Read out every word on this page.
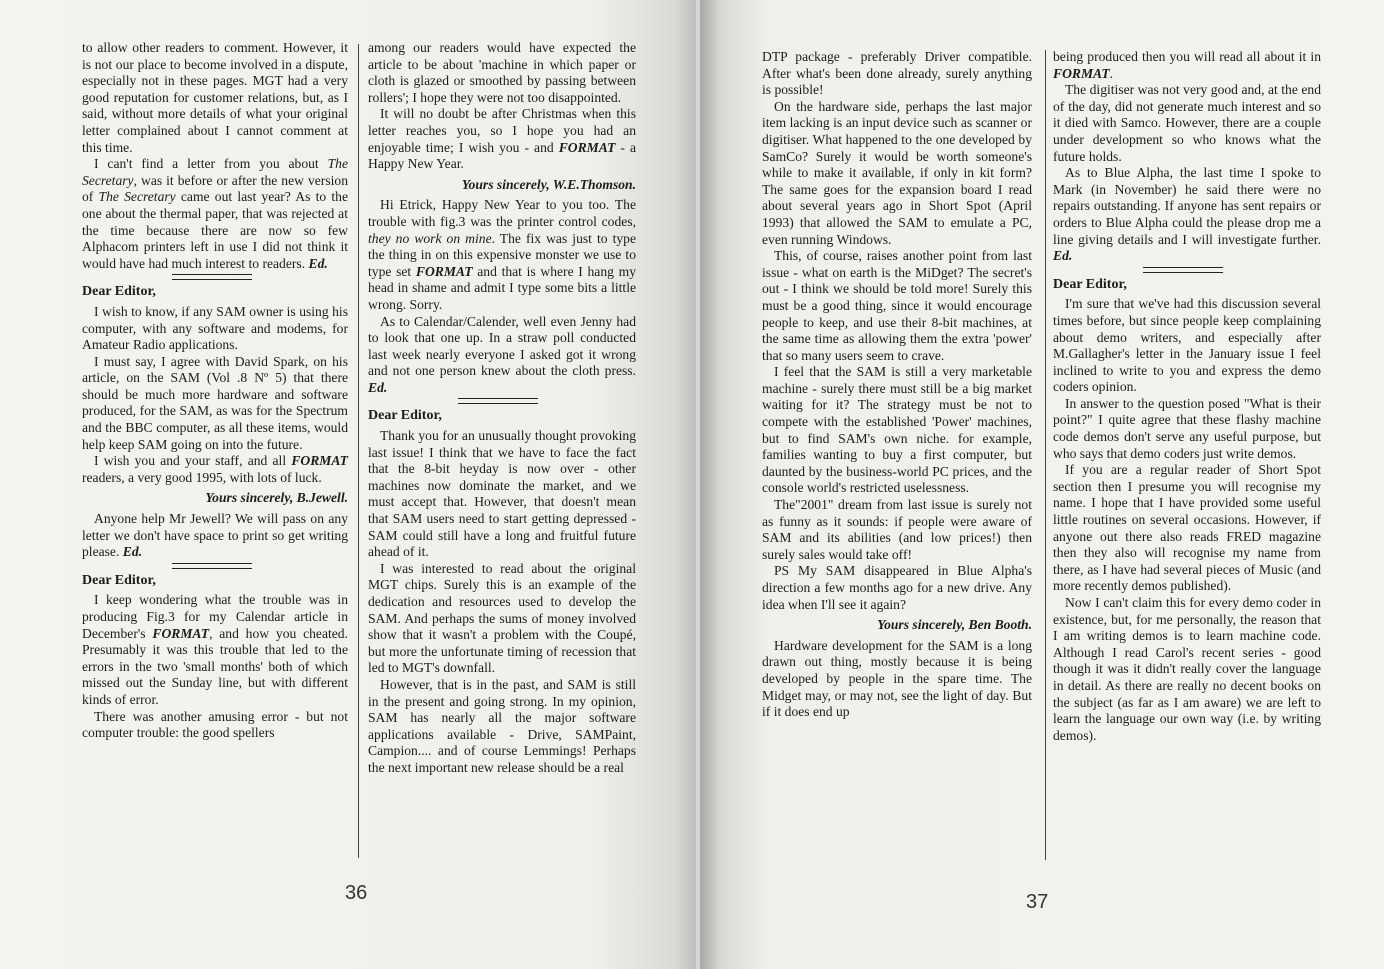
to allow other readers to comment. However, it is not our place to become involved in a dispute, especially not in these pages. MGT had a very good reputation for customer relations, but, as I said, without more details of what your original letter complained about I cannot comment at this time.

I can't find a letter from you about The Secretary, was it before or after the new version of The Secretary came out last year? As to the one about the thermal paper, that was rejected at the time because there are now so few Alphacom printers left in use I did not think it would have had much interest to readers. Ed.

Dear Editor,

I wish to know, if any SAM owner is using his computer, with any software and modems, for Amateur Radio applications.

I must say, I agree with David Spark, on his article, on the SAM (Vol .8 Nº 5) that there should be much more hardware and software produced, for the SAM, as was for the Spectrum and the BBC computer, as all these items, would help keep SAM going on into the future.

I wish you and your staff, and all FORMAT readers, a very good 1995, with lots of luck.

Yours sincerely, B.Jewell.

Anyone help Mr Jewell? We will pass on any letter we don't have space to print so get writing please. Ed.

Dear Editor,

I keep wondering what the trouble was in producing Fig.3 for my Calendar article in December's FORMAT, and how you cheated. Presumably it was this trouble that led to the errors in the two 'small months' both of which missed out the Sunday line, but with different kinds of error.

There was another amusing error - but not computer trouble: the good spellers

among our readers would have expected the article to be about 'machine in which paper or cloth is glazed or smoothed by passing between rollers'; I hope they were not too disappointed.

It will no doubt be after Christmas when this letter reaches you, so I hope you had an enjoyable time; I wish you - and FORMAT - a Happy New Year.

Yours sincerely, W.E.Thomson.

Hi Etrick, Happy New Year to you too. The trouble with fig.3 was the printer control codes, they no work on mine. The fix was just to type the thing in on this expensive monster we use to type set FORMAT and that is where I hang my head in shame and admit I type some bits a little wrong. Sorry.

As to Calendar/Calender, well even Jenny had to look that one up. In a straw poll conducted last week nearly everyone I asked got it wrong and not one person knew about the cloth press. Ed.

Dear Editor,

Thank you for an unusually thought provoking last issue! I think that we have to face the fact that the 8-bit heyday is now over - other machines now dominate the market, and we must accept that. However, that doesn't mean that SAM users need to start getting depressed - SAM could still have a long and fruitful future ahead of it.

I was interested to read about the original MGT chips. Surely this is an example of the dedication and resources used to develop the SAM. And perhaps the sums of money involved show that it wasn't a problem with the Coupé, but more the unfortunate timing of recession that led to MGT's downfall.

However, that is in the past, and SAM is still in the present and going strong. In my opinion, SAM has nearly all the major software applications available - Drive, SAMPaint, Campion.... and of course Lemmings! Perhaps the next important new release should be a real

36

DTP package - preferably Driver compatible. After what's been done already, surely anything is possible!

On the hardware side, perhaps the last major item lacking is an input device such as scanner or digitiser. What happened to the one developed by SamCo? Surely it would be worth someone's while to make it available, if only in kit form? The same goes for the expansion board I read about several years ago in Short Spot (April 1993) that allowed the SAM to emulate a PC, even running Windows.

This, of course, raises another point from last issue - what on earth is the MiDget? The secret's out - I think we should be told more! Surely this must be a good thing, since it would encourage people to keep, and use their 8-bit machines, at the same time as allowing them the extra 'power' that so many users seem to crave.

I feel that the SAM is still a very marketable machine - surely there must still be a big market waiting for it? The strategy must be not to compete with the established 'Power' machines, but to find SAM's own niche. for example, families wanting to buy a first computer, but daunted by the business-world PC prices, and the console world's restricted uselessness.

The"2001" dream from last issue is surely not as funny as it sounds: if people were aware of SAM and its abilities (and low prices!) then surely sales would take off!

PS My SAM disappeared in Blue Alpha's direction a few months ago for a new drive. Any idea when I'll see it again?

Yours sincerely, Ben Booth.

Hardware development for the SAM is a long drawn out thing, mostly because it is being developed by people in the spare time. The Midget may, or may not, see the light of day. But if it does end up

being produced then you will read all about it in FORMAT.

The digitiser was not very good and, at the end of the day, did not generate much interest and so it died with Samco. However, there are a couple under development so who knows what the future holds.

As to Blue Alpha, the last time I spoke to Mark (in November) he said there were no repairs outstanding. If anyone has sent repairs or orders to Blue Alpha could the please drop me a line giving details and I will investigate further. Ed.

Dear Editor,

I'm sure that we've had this discussion several times before, but since people keep complaining about demo writers, and especially after M.Gallagher's letter in the January issue I feel inclined to write to you and express the demo coders opinion.

In answer to the question posed "What is their point?" I quite agree that these flashy machine code demos don't serve any useful purpose, but who says that demo coders just write demos.

If you are a regular reader of Short Spot section then I presume you will recognise my name. I hope that I have provided some useful little routines on several occasions. However, if anyone out there also reads FRED magazine then they also will recognise my name from there, as I have had several pieces of Music (and more recently demos published).

Now I can't claim this for every demo coder in existence, but, for me personally, the reason that I am writing demos is to learn machine code. Although I read Carol's recent series - good though it was it didn't really cover the language in detail. As there are really no decent books on the subject (as far as I am aware) we are left to learn the language our own way (i.e. by writing demos).

37
